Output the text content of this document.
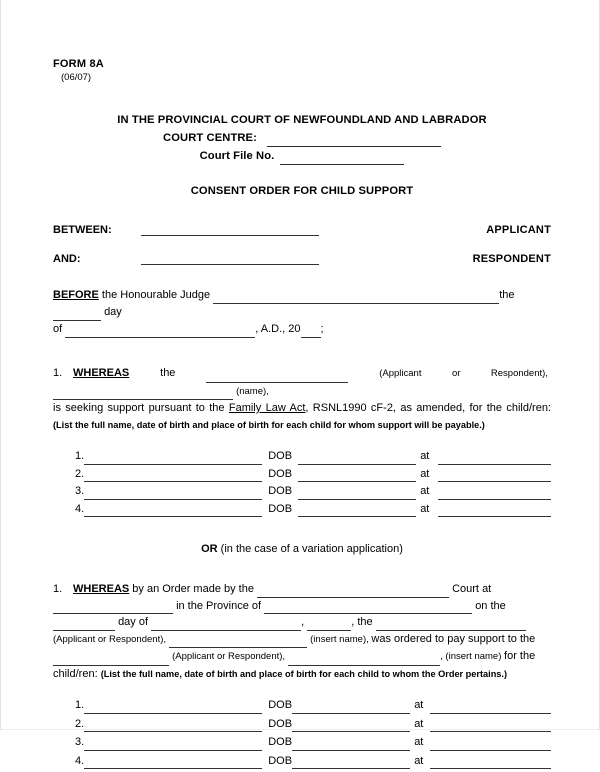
FORM 8A
(06/07)
IN THE PROVINCIAL COURT OF NEWFOUNDLAND AND LABRADOR
COURT CENTRE:
Court File No.
CONSENT ORDER FOR CHILD SUPPORT
BETWEEN:	APPLICANT
AND:	RESPONDENT
BEFORE the Honourable Judge	the  day
of	, A.D., 20 ;
1. WHEREAS the	(Applicant or Respondent),  (name),
is seeking support pursuant to the Family Law Act, RSNL1990 cF-2, as amended, for the child/ren: (List the full name, date of birth and place of birth for each child for whom support will be payable.)
1.	DOB	at
2.	DOB	at
3.	DOB	at
4.	DOB	at
OR (in the case of a variation application)
1. WHEREAS by an Order made by the	Court at
in the Province of	on the
day of	,	, the
(Applicant or Respondent),	(insert name), was ordered to pay support to the
(Applicant or Respondent),	, (insert name) for the

child/ren: (List the full name, date of birth and place of birth for each child to whom the Order pertains.)
1.	DOB	at
2.	DOB	at
3.	DOB	at
4.	DOB	at
